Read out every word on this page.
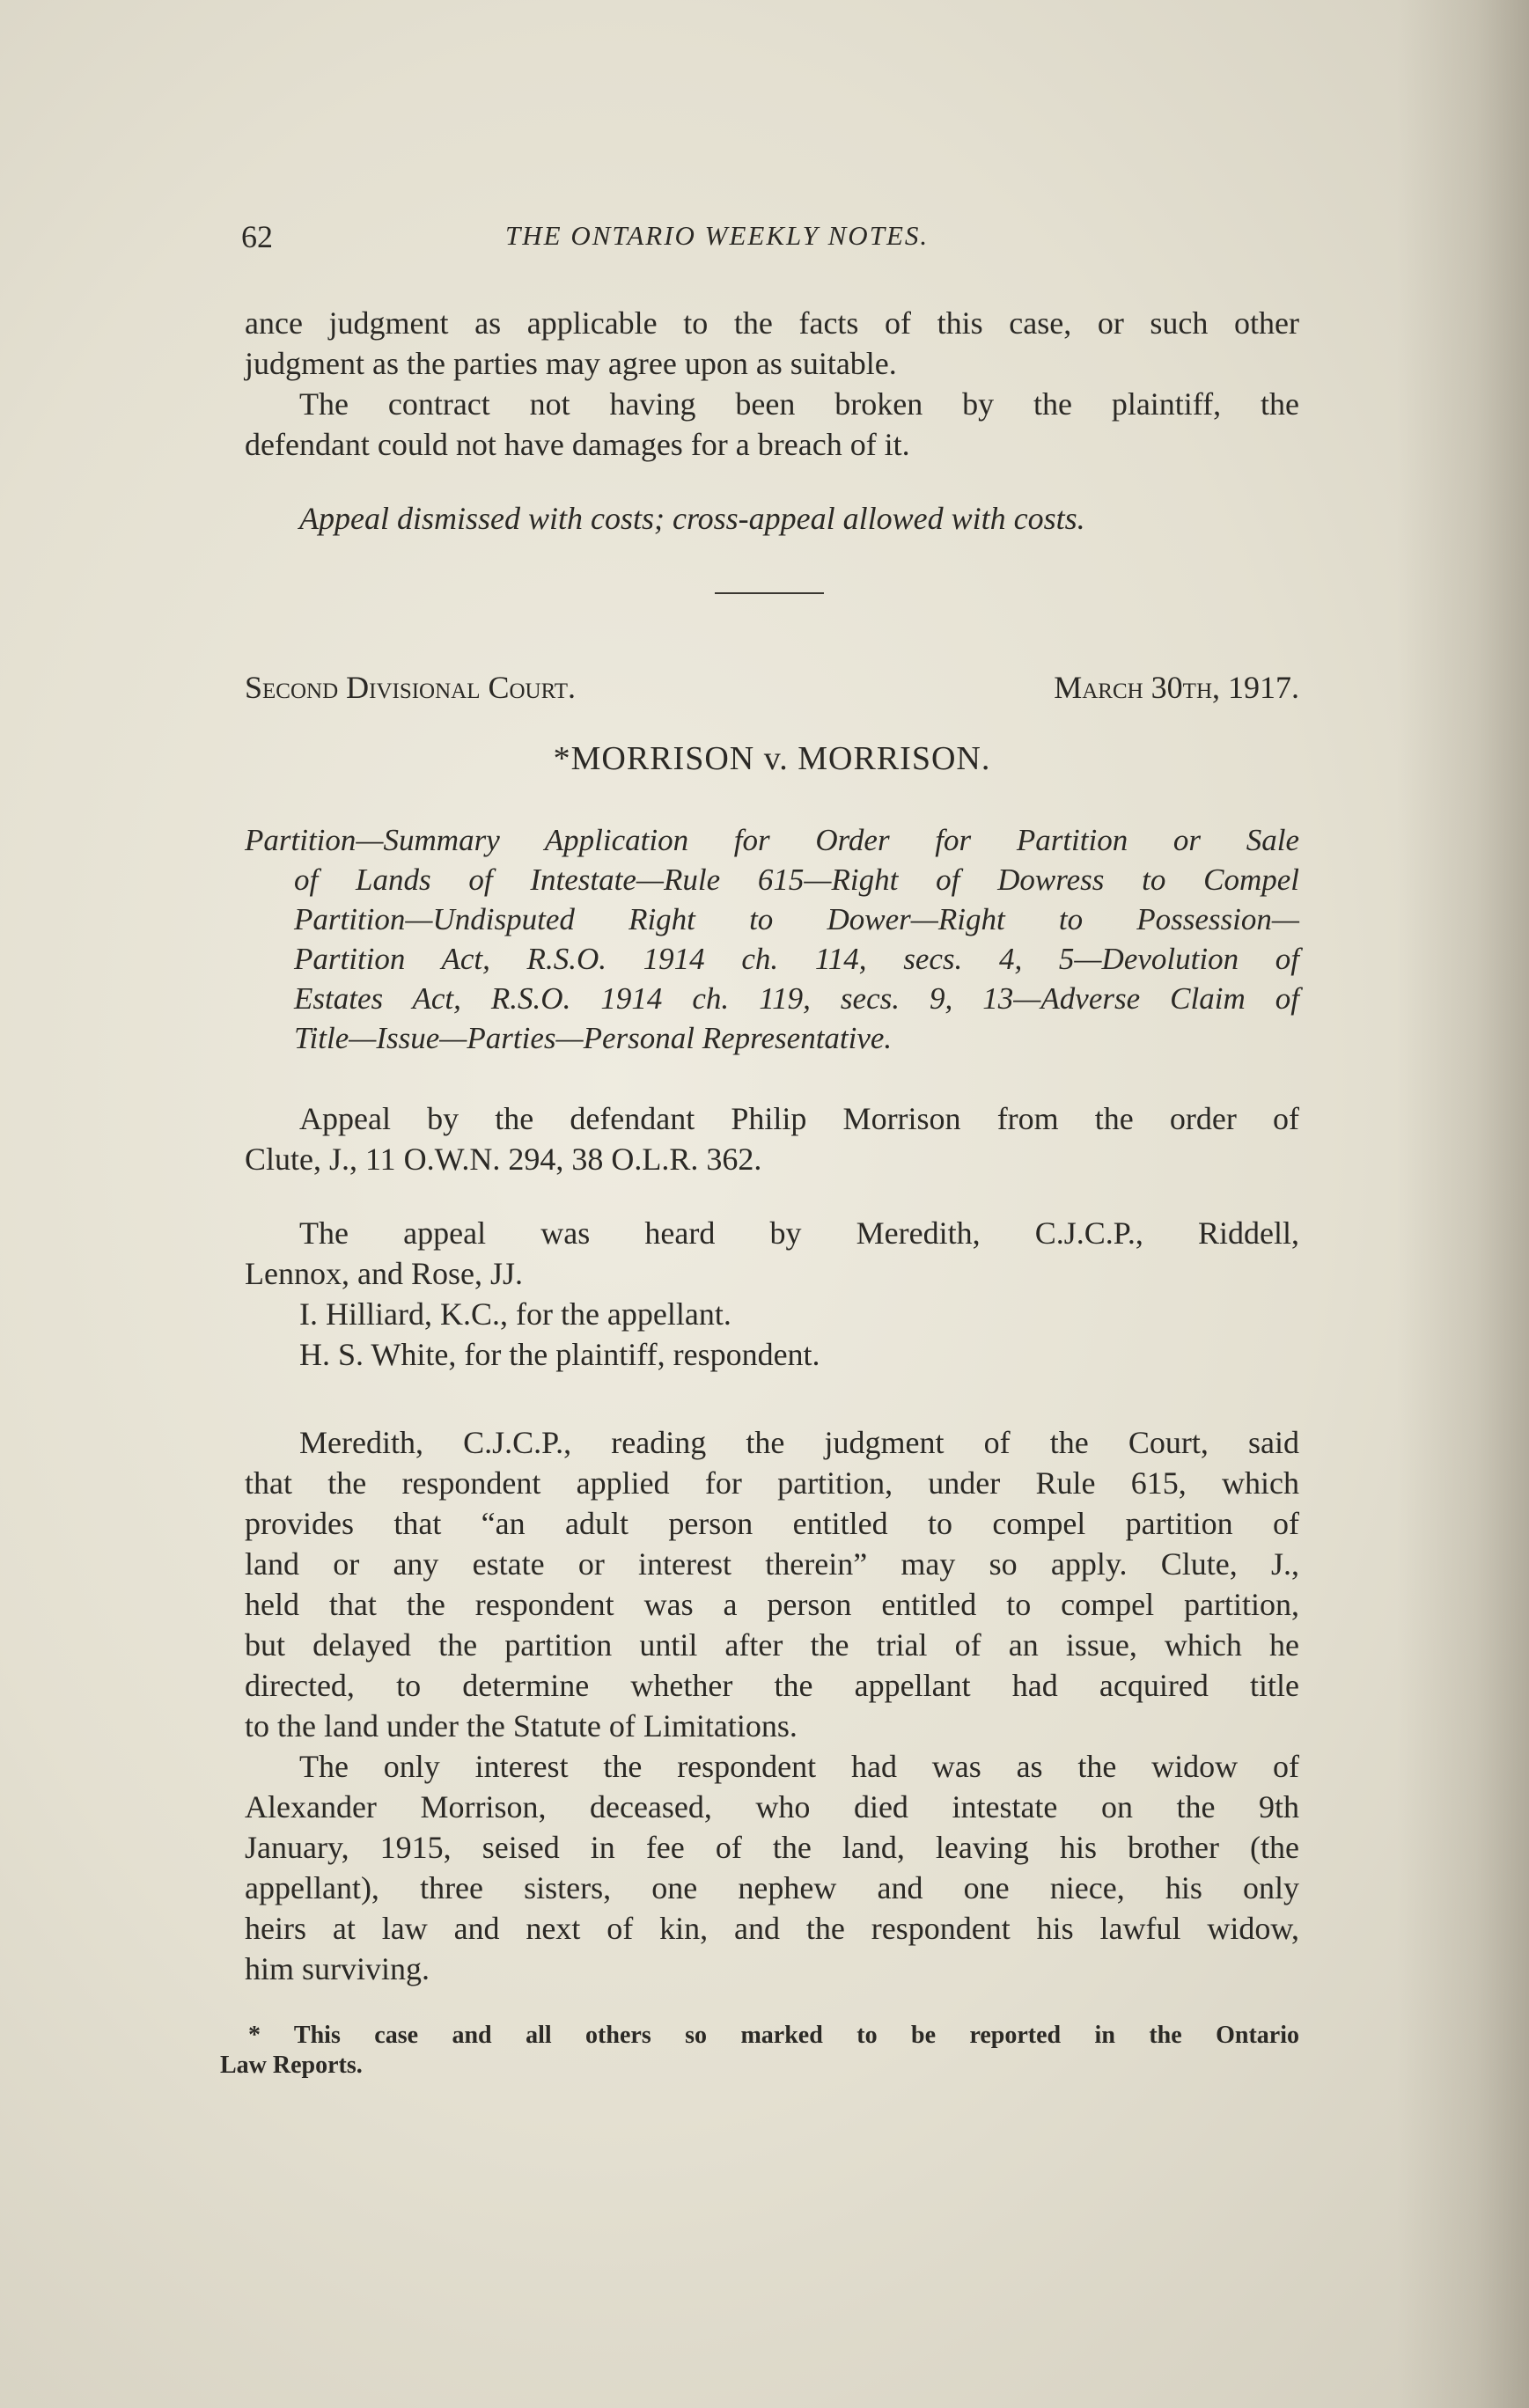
62	THE ONTARIO WEEKLY NOTES.
ance judgment as applicable to the facts of this case, or such other
judgment as the parties may agree upon as suitable.
The contract not having been broken by the plaintiff, the
defendant could not have damages for a breach of it.
Appeal dismissed with costs; cross-appeal allowed with costs.
Second Divisional Court.	March 30th, 1917.
*MORRISON v. MORRISON.
Partition—Summary Application for Order for Partition or Sale
of Lands of Intestate—Rule 615—Right of Dowress to Compel
Partition—Undisputed Right to Dower—Right to Possession—
Partition Act, R.S.O. 1914 ch. 114, secs. 4, 5—Devolution of
Estates Act, R.S.O. 1914 ch. 119, secs. 9, 13—Adverse Claim of
Title—Issue—Parties—Personal Representative.
Appeal by the defendant Philip Morrison from the order of
Clute, J., 11 O.W.N. 294, 38 O.L.R. 362.
The appeal was heard by Meredith, C.J.C.P., Riddell,
Lennox, and Rose, JJ.
I. Hilliard, K.C., for the appellant.
H. S. White, for the plaintiff, respondent.
Meredith, C.J.C.P., reading the judgment of the Court, said
that the respondent applied for partition, under Rule 615, which
provides that “an adult person entitled to compel partition of
land or any estate or interest therein” may so apply. Clute, J.,
held that the respondent was a person entitled to compel partition,
but delayed the partition until after the trial of an issue, which he
directed, to determine whether the appellant had acquired title
to the land under the Statute of Limitations.
The only interest the respondent had was as the widow of
Alexander Morrison, deceased, who died intestate on the 9th
January, 1915, seised in fee of the land, leaving his brother (the
appellant), three sisters, one nephew and one niece, his only
heirs at law and next of kin, and the respondent his lawful widow,
him surviving.
* This case and all others so marked to be reported in the Ontario
Law Reports.
